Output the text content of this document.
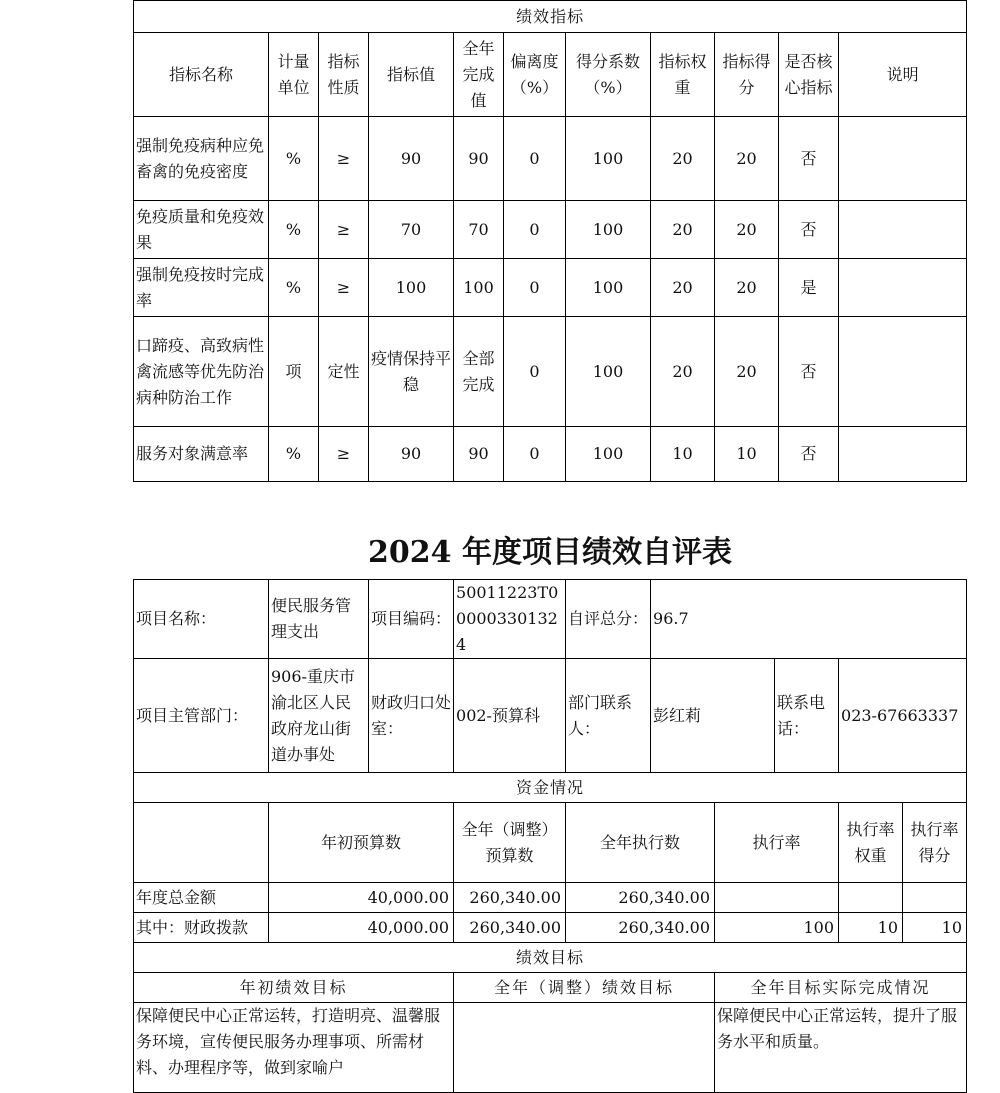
绩效指标										
指标名称	计量单位	指标性质	指标值	全年完成值	偏离度（%）	得分系数（%）	指标权重	指标得分	是否核心指标	说明
强制免疫病种应免畜禽的免疫密度	%	≥	90	90	0	100	20	20	否	
免疫质量和免疫效果	%	≥	70	70	0	100	20	20	否	
强制免疫按时完成率	%	≥	100	100	0	100	20	20	是	
口蹄疫、高致病性禽流感等优先防治病种防治工作	项	定性	疫情保持平稳	全部完成	0	100	20	20	否	
服务对象满意率	%	≥	90	90	0	100	10	10	否	
2024 年度项目绩效自评表
项目名称：	便民服务管理支出	项目编码：	50011223T000003301324	自评总分：	96.7				
项目主管部门：	906-重庆市渝北区人民政府龙山街道办事处	财政归口处室：	002-预算科	部门联系人：	彭红莉		联系电话：	023-67663337	
资金情况									
	年初预算数		全年（调整）预算数	全年执行数		执行率		执行率权重	执行率得分
年度总金额	40,000.00		260,340.00	260,340.00					
其中：财政拨款	40,000.00		260,340.00	260,340.00		100		10	10
绩效目标									
年初绩效目标			全年（调整）绩效目标			全年目标实际完成情况			
保障便民中心正常运转，打造明亮、温馨服务环境，宣传便民服务办理事项、所需材料、办理程序等，做到家喻户						保障便民中心正常运转，提升了服务水平和质量。			
